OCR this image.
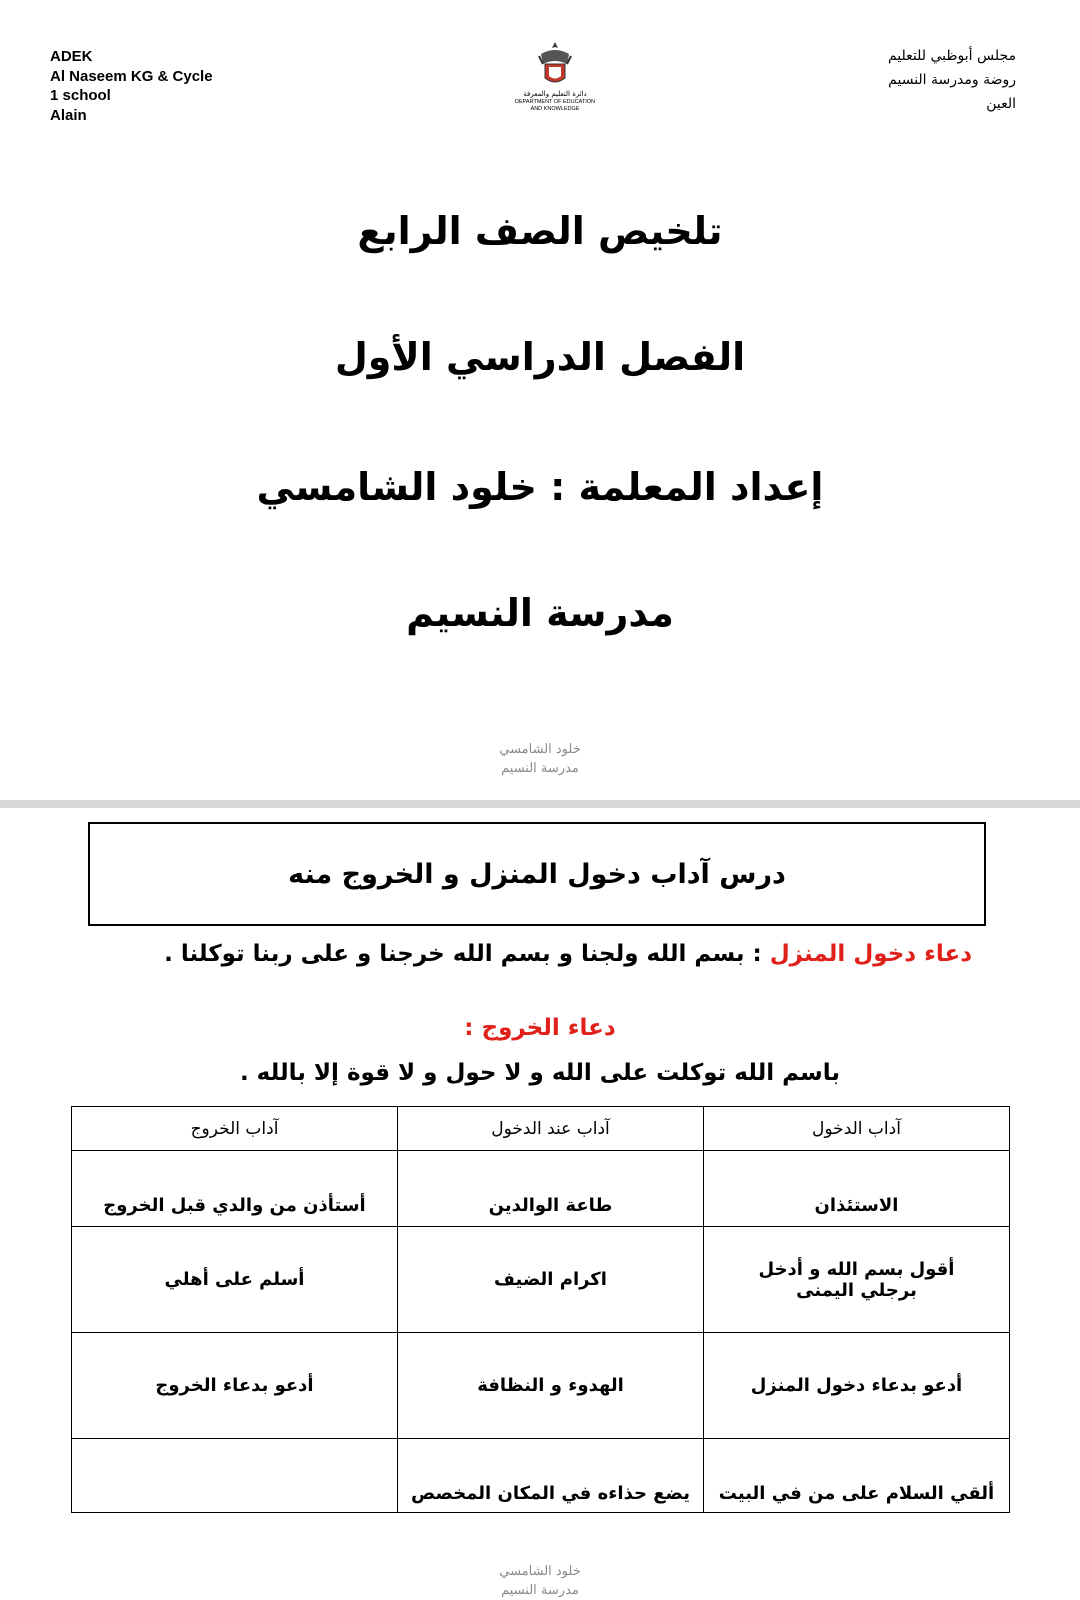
ADEK
Al Naseem KG & Cycle
1 school
Alain
دائرة التعليم والمعرفة
DEPARTMENT OF EDUCATION
AND KNOWLEDGE
مجلس أبوظبي للتعليم
روضة ومدرسة النسيم
العين
تلخيص الصف الرابع
الفصل الدراسي الأول
إعداد المعلمة : خلود الشامسي
مدرسة النسيم
خلود الشامسي
مدرسة النسيم
درس آداب دخول المنزل و الخروج منه
دعاء دخول المنزل : بسم الله ولجنا و بسم الله خرجنا و على ربنا توكلنا .
دعاء الخروج :
باسم الله توكلت على الله و لا حول و لا قوة إلا بالله .
آداب الدخول	آداب عند الدخول	آداب الخروج
الاستئذان	طاعة الوالدين	أستأذن من والدي قبل الخروج
أقول بسم الله و أدخل برجلي اليمنى	اكرام الضيف	أسلم على أهلي
أدعو بدعاء دخول المنزل	الهدوء و النظافة	أدعو بدعاء الخروج
ألقي السلام على من في البيت	يضع حذاءه في المكان المخصص	
خلود الشامسي
مدرسة النسيم
